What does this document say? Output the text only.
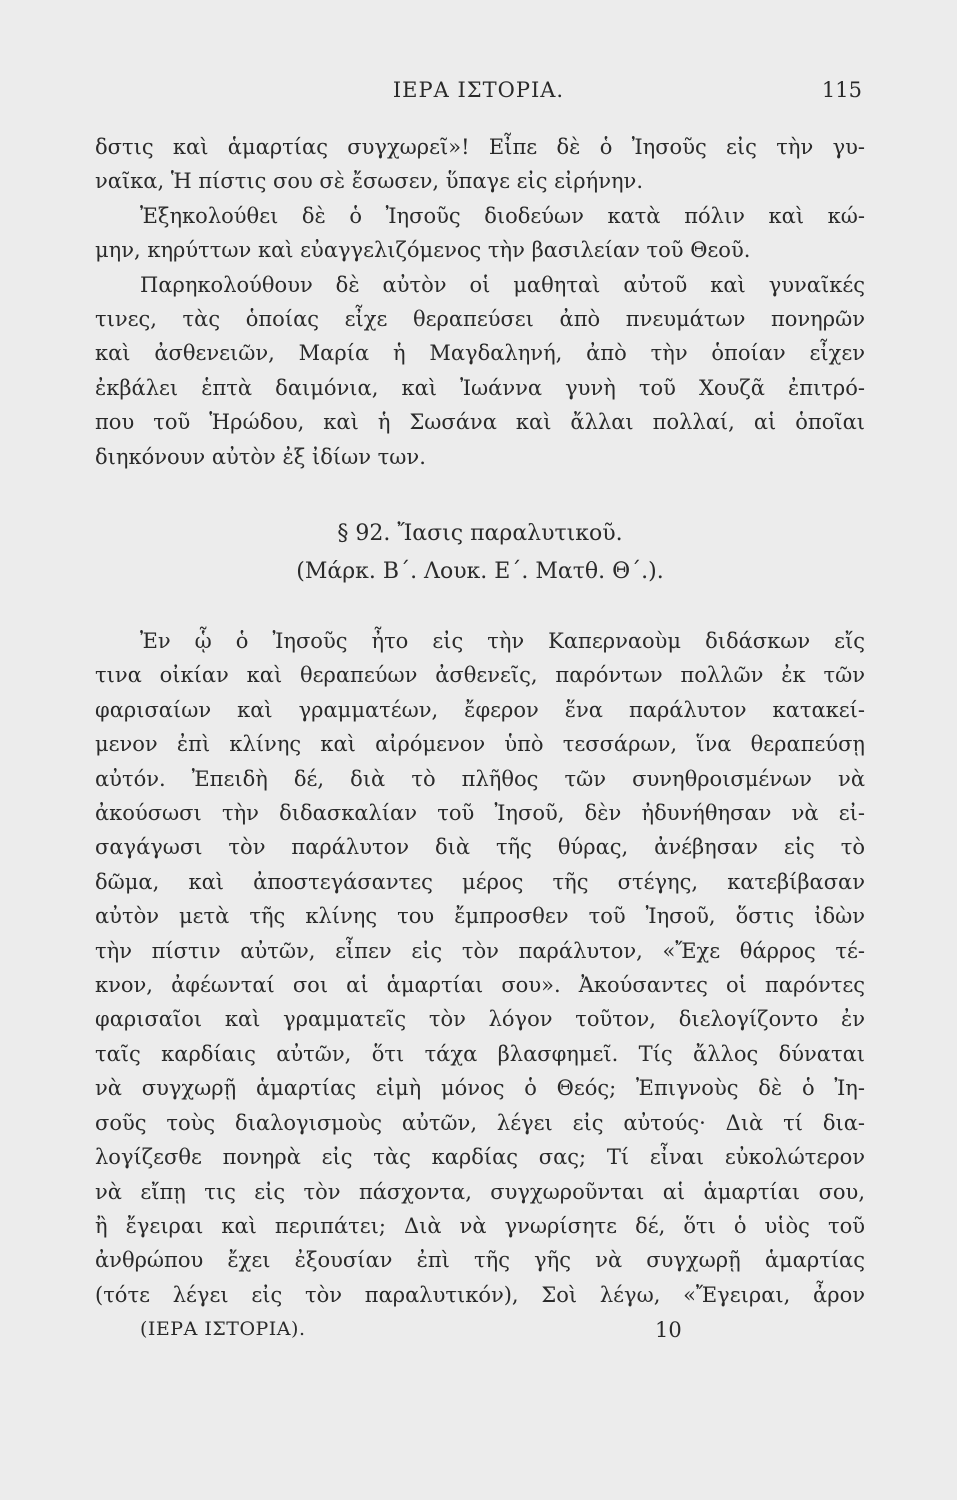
ΙΕΡΑ ΙΣΤΟΡΙΑ.	115
δστις καὶ ἁμαρτίας συγχωρεῖ»! Εἶπε δὲ ὁ Ἰησοῦς εἰς τὴν γυ-
ναῖκα, Ἡ πίστις σου σὲ ἔσωσεν, ὕπαγε εἰς εἰρήνην.
Ἐξηκολούθει δὲ ὁ Ἰησοῦς διοδεύων κατὰ πόλιν καὶ κώ-
μην, κηρύττων καὶ εὐαγγελιζόμενος τὴν βασιλείαν τοῦ Θεοῦ.
Παρηκολούθουν δὲ αὐτὸν οἱ μαθηταὶ αὐτοῦ καὶ γυναῖκές
τινες, τὰς ὁποίας εἶχε θεραπεύσει ἀπὸ πνευμάτων πονηρῶν
καὶ ἀσθενειῶν, Μαρία ἡ Μαγδαληνή, ἀπὸ τὴν ὁποίαν εἶχεν
ἐκβάλει ἑπτὰ δαιμόνια, καὶ Ἰωάννα γυνὴ τοῦ Χουζᾶ ἐπιτρό-
που τοῦ Ἡρώδου, καὶ ἡ Σωσάνα καὶ ἄλλαι πολλαί, αἱ ὁποῖαι
διηκόνουν αὐτὸν ἐξ ἰδίων των.
§ 92. Ἴασις παραλυτικοῦ.
(Μάρκ. Β΄. Λουκ. Ε΄. Ματθ. Θ΄.).
Ἐν ᾧ ὁ Ἰησοῦς ἦτο εἰς τὴν Καπερναοὺμ διδάσκων εἴς
τινα οἰκίαν καὶ θεραπεύων ἀσθενεῖς, παρόντων πολλῶν ἐκ τῶν
φαρισαίων καὶ γραμματέων, ἔφερον ἕνα παράλυτον κατακεί-
μενον ἐπὶ κλίνης καὶ αἰρόμενον ὑπὸ τεσσάρων, ἵνα θεραπεύσῃ
αὐτόν. Ἐπειδὴ δέ, διὰ τὸ πλῆθος τῶν συνηθροισμένων νὰ
ἀκούσωσι τὴν διδασκαλίαν τοῦ Ἰησοῦ, δὲν ἠδυνήθησαν νὰ εἰ-
σαγάγωσι τὸν παράλυτον διὰ τῆς θύρας, ἀνέβησαν εἰς τὸ
δῶμα, καὶ ἀποστεγάσαντες μέρος τῆς στέγης, κατεβίβασαν
αὐτὸν μετὰ τῆς κλίνης του ἔμπροσθεν τοῦ Ἰησοῦ, ὅστις ἰδὼν
τὴν πίστιν αὐτῶν, εἶπεν εἰς τὸν παράλυτον, «Ἔχε θάρρος τέ-
κνον, ἀφέωνταί σοι αἱ ἁμαρτίαι σου». Ἀκούσαντες οἱ παρόντες
φαρισαῖοι καὶ γραμματεῖς τὸν λόγον τοῦτον, διελογίζοντο ἐν
ταῖς καρδίαις αὐτῶν, ὅτι τάχα βλασφημεῖ. Τίς ἄλλος δύναται
νὰ συγχωρῇ ἁμαρτίας εἰμὴ μόνος ὁ Θεός; Ἐπιγνοὺς δὲ ὁ Ἰη-
σοῦς τοὺς διαλογισμοὺς αὐτῶν, λέγει εἰς αὐτούς· Διὰ τί δια-
λογίζεσθε πονηρὰ εἰς τὰς καρδίας σας; Τί εἶναι εὐκολώτερον
νὰ εἴπῃ τις εἰς τὸν πάσχοντα, συγχωροῦνται αἱ ἁμαρτίαι σου,
ἢ ἔγειραι καὶ περιπάτει; Διὰ νὰ γνωρίσητε δέ, ὅτι ὁ υἱὸς τοῦ
ἀνθρώπου ἔχει ἐξουσίαν ἐπὶ τῆς γῆς νὰ συγχωρῇ ἁμαρτίας
(τότε λέγει εἰς τὸν παραλυτικόν), Σοὶ λέγω, «Ἔγειραι, ἆρον
(ΙΕΡΑ ΙΣΤΟΡΙΑ).	10
